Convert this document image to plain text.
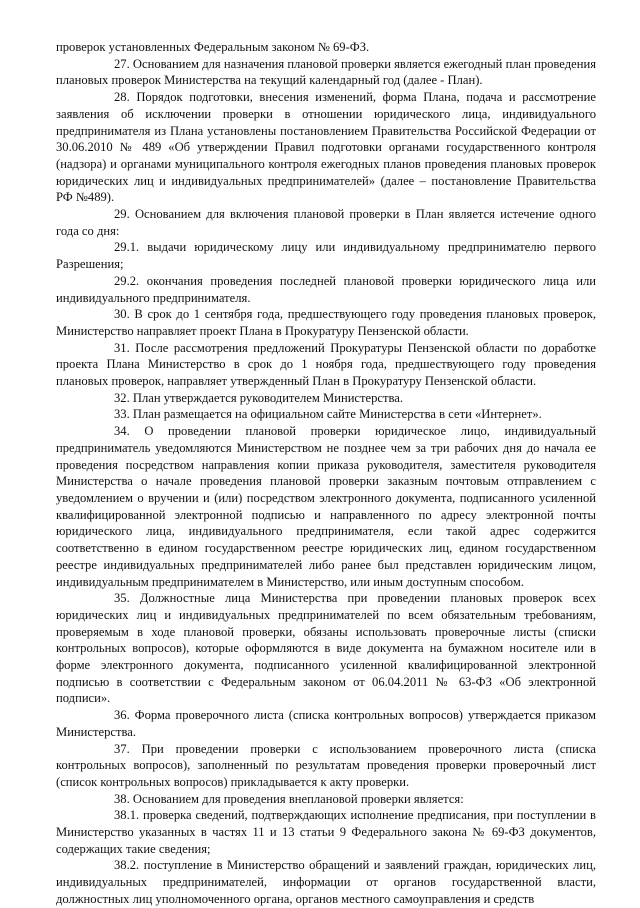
проверок установленных Федеральным законом № 69-ФЗ.

27. Основанием для назначения плановой проверки является ежегодный план проведения плановых проверок Министерства на текущий календарный год (далее - План).

28. Порядок подготовки, внесения изменений, форма Плана, подача и рассмотрение заявления об исключении проверки в отношении юридического лица, индивидуального предпринимателя из Плана установлены постановлением Правительства Российской Федерации от 30.06.2010 № 489 «Об утверждении Правил подготовки органами государственного контроля (надзора) и органами муниципального контроля ежегодных планов проведения плановых проверок юридических лиц и индивидуальных предпринимателей» (далее – постановление Правительства РФ №489).

29. Основанием для включения плановой проверки в План является истечение одного года со дня:

29.1. выдачи юридическому лицу или индивидуальному предпринимателю первого Разрешения;

29.2. окончания проведения последней плановой проверки юридического лица или индивидуального предпринимателя.

30. В срок до 1 сентября года, предшествующего году проведения плановых проверок, Министерство направляет проект Плана в Прокуратуру Пензенской области.

31. После рассмотрения предложений Прокуратуры Пензенской области по доработке проекта Плана Министерство в срок до 1 ноября года, предшествующего году проведения плановых проверок, направляет утвержденный План в Прокуратуру Пензенской области.

32. План утверждается руководителем Министерства.

33. План размещается на официальном сайте Министерства в сети «Интернет».

34. О проведении плановой проверки юридическое лицо, индивидуальный предприниматель уведомляются Министерством не позднее чем за три рабочих дня до начала ее проведения посредством направления копии приказа руководителя, заместителя руководителя Министерства о начале проведения плановой проверки заказным почтовым отправлением с уведомлением о вручении и (или) посредством электронного документа, подписанного усиленной квалифицированной электронной подписью и направленного по адресу электронной почты юридического лица, индивидуального предпринимателя, если такой адрес содержится соответственно в едином государственном реестре юридических лиц, едином государственном реестре индивидуальных предпринимателей либо ранее был представлен юридическим лицом, индивидуальным предпринимателем в Министерство, или иным доступным способом.

35. Должностные лица Министерства при проведении плановых проверок всех юридических лиц и индивидуальных предпринимателей по всем обязательным требованиям, проверяемым в ходе плановой проверки, обязаны использовать проверочные листы (списки контрольных вопросов), которые оформляются в виде документа на бумажном носителе или в форме электронного документа, подписанного усиленной квалифицированной электронной подписью в соответствии с Федеральным законом от 06.04.2011 № 63-ФЗ «Об электронной подписи».

36. Форма проверочного листа (списка контрольных вопросов) утверждается приказом Министерства.

37. При проведении проверки с использованием проверочного листа (списка контрольных вопросов), заполненный по результатам проведения проверки проверочный лист (список контрольных вопросов) прикладывается к акту проверки.

38. Основанием для проведения внеплановой проверки является:

38.1. проверка сведений, подтверждающих исполнение предписания, при поступлении в Министерство указанных в частях 11 и 13 статьи 9 Федерального закона № 69-ФЗ документов, содержащих такие сведения;

38.2. поступление в Министерство обращений и заявлений граждан, юридических лиц, индивидуальных предпринимателей, информации от органов государственной власти, должностных лиц уполномоченного органа, органов местного самоуправления и средств
